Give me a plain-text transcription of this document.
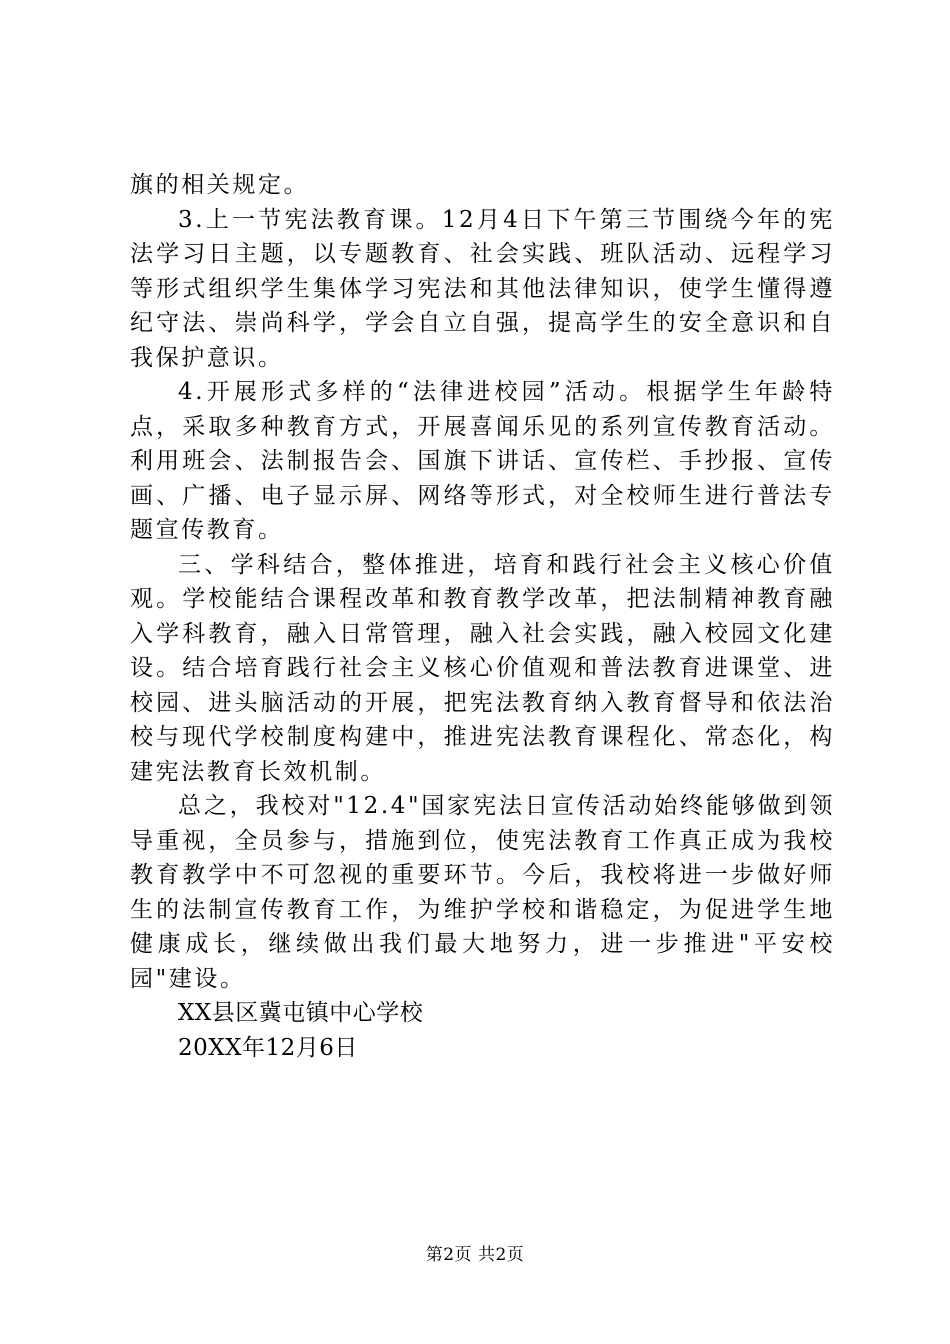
旗的相关规定。

3.上一节宪法教育课。12月4日下午第三节围绕今年的宪法学习日主题，以专题教育、社会实践、班队活动、远程学习等形式组织学生集体学习宪法和其他法律知识，使学生懂得遵纪守法、崇尚科学，学会自立自强，提高学生的安全意识和自我保护意识。

4.开展形式多样的“法律进校园”活动。根据学生年龄特点，采取多种教育方式，开展喜闻乐见的系列宣传教育活动。利用班会、法制报告会、国旗下讲话、宣传栏、手抄报、宣传画、广播、电子显示屏、网络等形式，对全校师生进行普法专题宣传教育。

三、学科结合，整体推进，培育和践行社会主义核心价值观。学校能结合课程改革和教育教学改革，把法制精神教育融入学科教育，融入日常管理，融入社会实践，融入校园文化建设。结合培育践行社会主义核心价值观和普法教育进课堂、进校园、进头脑活动的开展，把宪法教育纳入教育督导和依法治校与现代学校制度构建中，推进宪法教育课程化、常态化，构建宪法教育长效机制。

总之，我校对"12.4"国家宪法日宣传活动始终能够做到领导重视，全员参与，措施到位，使宪法教育工作真正成为我校教育教学中不可忽视的重要环节。今后，我校将进一步做好师生的法制宣传教育工作，为维护学校和谐稳定，为促进学生地健康成长，继续做出我们最大地努力，进一步推进"平安校园"建设。

XX县区冀屯镇中心学校

20XX年12月6日

第2页 共2页
